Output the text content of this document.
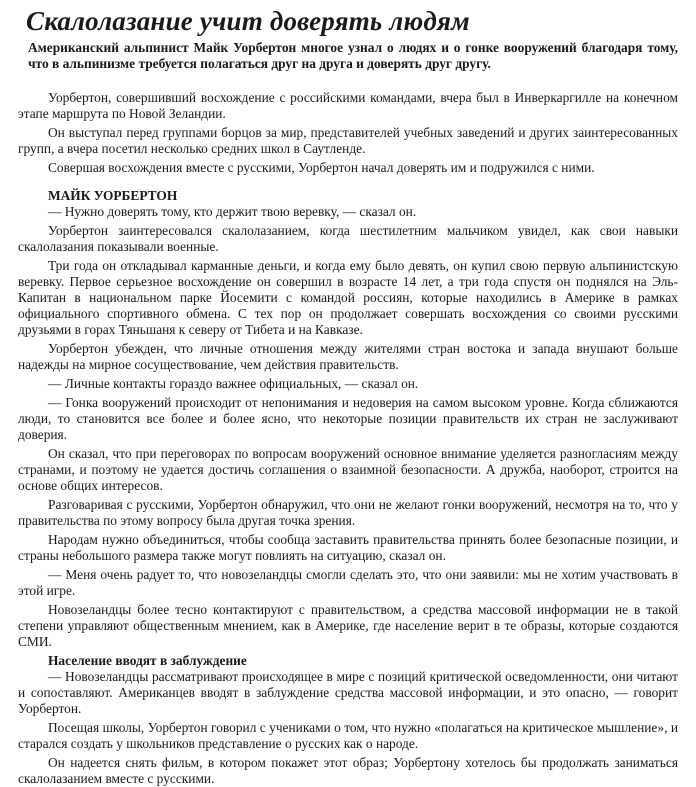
Скалолазание учит доверять людям

Американский альпинист Майк Уорбертон многое узнал о людях и о гонке вооружений благодаря тому, что в альпинизме требуется полагаться друг на друга и доверять друг другу.

Уорбертон, совершивший восхождение с российскими командами, вчера был в Инверкаргилле на конечном этапе маршрута по Новой Зеландии.

Он выступал перед группами борцов за мир, представителей учебных заведений и других заинтересованных групп, а вчера посетил несколько средних школ в Саутленде.

Совершая восхождения вместе с русскими, Уорбертон начал доверять им и подружился с ними.

МАЙК УОРБЕРТОН

— Нужно доверять тому, кто держит твою веревку, — сказал он.

Уорбертон заинтересовался скалолазанием, когда шестилетним мальчиком увидел, как свои навыки скалолазания показывали военные.

Три года он откладывал карманные деньги, и когда ему было девять, он купил свою первую альпинистскую веревку. Первое серьезное восхождение он совершил в возрасте 14 лет, а три года спустя он поднялся на Эль-Капитан в национальном парке Йосемити с командой россиян, которые находились в Америке в рамках официального спортивного обмена. С тех пор он продолжает совершать восхождения со своими русскими друзьями в горах Тяньшаня к северу от Тибета и на Кавказе.

Уорбертон убежден, что личные отношения между жителями стран востока и запада внушают больше надежды на мирное сосуществование, чем действия правительств.

— Личные контакты гораздо важнее официальных, — сказал он.

— Гонка вооружений происходит от непонимания и недоверия на самом высоком уровне. Когда сближаются люди, то становится все более и более ясно, что некоторые позиции правительств их стран не заслуживают доверия.

Он сказал, что при переговорах по вопросам вооружений основное внимание уделяется разногласиям между странами, и поэтому не удается достичь соглашения о взаимной безопасности. А дружба, наоборот, строится на основе общих интересов.

Разговаривая с русскими, Уорбертон обнаружил, что они не желают гонки вооружений, несмотря на то, что у правительства по этому вопросу была другая точка зрения.

Народам нужно объединиться, чтобы сообща заставить правительства принять более безопасные позиции, и страны небольшого размера также могут повлиять на ситуацию, сказал он.

— Меня очень радует то, что новозеландцы смогли сделать это, что они заявили: мы не хотим участвовать в этой игре.

Новозеландцы более тесно контактируют с правительством, а средства массовой информации не в такой степени управляют общественным мнением, как в Америке, где население верит в те образы, которые создаются СМИ.

Население вводят в заблуждение

— Новозеландцы рассматривают происходящее в мире с позиций критической осведомленности, они читают и сопоставляют. Американцев вводят в заблуждение средства массовой информации, и это опасно, — говорит Уорбертон.

Посещая школы, Уорбертон говорил с учениками о том, что нужно «полагаться на критическое мышление», и старался создать у школьников представление о русских как о народе.

Он надеется снять фильм, в котором покажет этот образ; Уорбертону хотелось бы продолжать заниматься скалолазанием вместе с русскими.
